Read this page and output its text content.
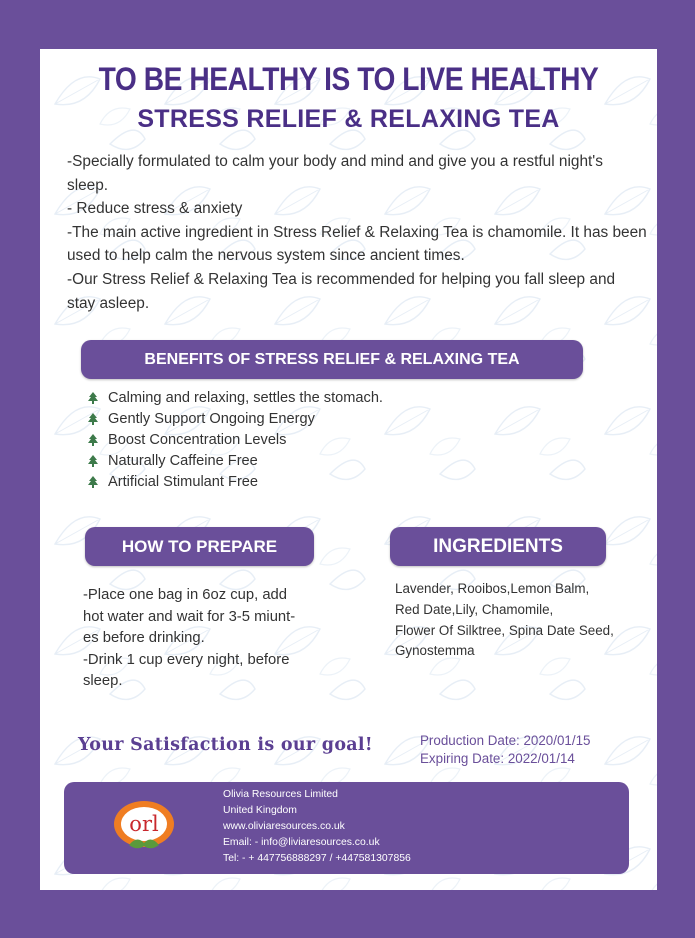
TO BE HEALTHY IS TO LIVE HEALTHY
STRESS RELIEF & RELAXING TEA
-Specially formulated to calm your body and mind and give you a restful night's sleep.
- Reduce stress & anxiety
-The main active ingredient in Stress Relief & Relaxing Tea is chamomile. It has been used to help calm the nervous system since ancient times.
-Our Stress Relief & Relaxing Tea is recommended for helping you fall sleep and stay asleep.
BENEFITS OF STRESS RELIEF & RELAXING TEA
Calming and relaxing, settles the stomach.
Gently Support Ongoing Energy
Boost Concentration Levels
Naturally Caffeine Free
Artificial Stimulant Free
HOW TO PREPARE	INGREDIENTS
-Place one bag in 6oz cup, add
hot water and wait for 3-5 miunt-
es before drinking.
-Drink 1 cup every night, before
sleep.
Lavender, Rooibos,Lemon Balm,
Red Date,Lily, Chamomile,
Flower Of Silktree, Spina Date Seed,
Gynostemma
Your Satisfaction is our goal!	Production Date: 2020/01/15
Expiring Date: 2022/01/14
orl
Olivia Resources Limited
United Kingdom
www.oliviaresources.co.uk
Email: - info@liviaresources.co.uk
Tel: - + 447756888297 / +447581307856
